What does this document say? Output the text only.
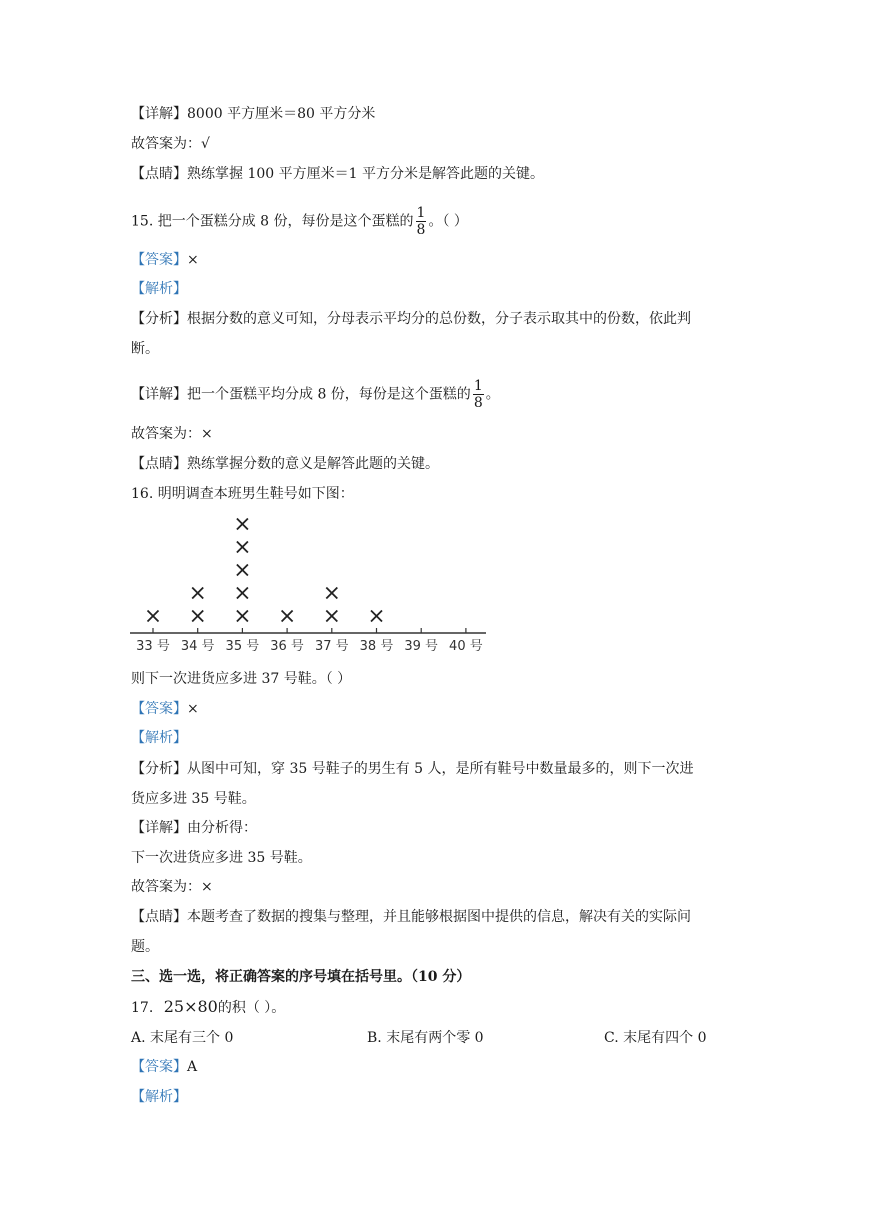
【详解】8000 平方厘米＝80 平方分米
故答案为：√
【点睛】熟练掌握 100 平方厘米＝1 平方分米是解答此题的关键。
15. 把一个蛋糕分成 8 份，每份是这个蛋糕的 $\frac{1}{8}$ 。（ ）
【答案】×
【解析】
【分析】根据分数的意义可知，分母表示平均分的总份数，分子表示取其中的份数，依此判
断。
【详解】把一个蛋糕平均分成 8 份，每份是这个蛋糕的 $\frac{1}{8}$ 。
故答案为：×
【点睛】熟练掌握分数的意义是解答此题的关键。
16. 明明调查本班男生鞋号如下图：
33 号 34 号 35 号 36 号 37 号 38 号 39 号 40 号
则下一次进货应多进 37 号鞋。（ ）
【答案】×
【解析】
【分析】从图中可知，穿 35 号鞋子的男生有 5 人，是所有鞋号中数量最多的，则下一次进
货应多进 35 号鞋。
【详解】由分析得：
下一次进货应多进 35 号鞋。
故答案为：×
【点睛】本题考查了数据的搜集与整理，并且能够根据图中提供的信息，解决有关的实际问
题。
三、选一选，将正确答案的序号填在括号里。（10 分）
17. 25×80的积（ ）。
A. 末尾有三个 0	B. 末尾有两个零 0	C. 末尾有四个 0
【答案】A
【解析】
